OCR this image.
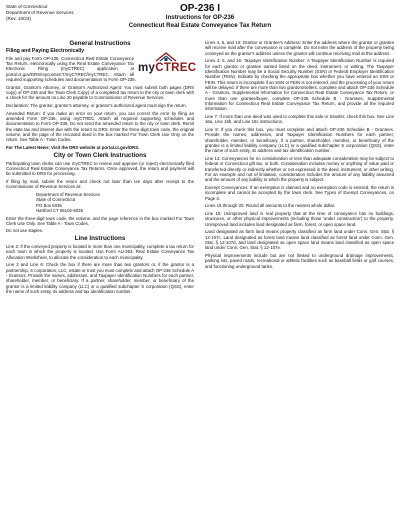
State of Connecticut
Department of Revenue Services
(Rev. 10/23)
OP-236 I
Instructions for OP-236
Connecticut Real Estate Conveyance Tax Return
General Instructions
myCTREC
Filing and Paying Electronically

File and pay Form OP-236, Connecticut Real Estate Conveyance Tax Return, electronically using the Real Estate Conveyance Tax Electronic Filing (myCTREC) application at portal.ct.gov/DRS/myconneCT/myCTREC/myCTREC. Attach all required supporting schedules and documentation to Form OP-236.

Grantor, Grantor's Attorney, or Grantor's Authorized Agent: You must submit both pages (DRS copy) of OP-236 and the Town Clerk Copy) of a completed tax return to the city or town clerk with a check for the amount on Line 20 payable to Commissioner of Revenue Services.

Declaration: The grantor, grantor's attorney, or grantor's authorized agent must sign the return.

Amended Return: If you make an error on your return, you can correct the error by filing an amended Form OP-236, using myCTREC. Attach all required supporting schedules and documentation to Form OP-236. Do not send the amended return to the city or town clerk. Remit the state tax and interest due with the return to DRS. Enter the three-digit town code, the original volume, and the page of the recorded deed in the box marked For Town Clerk Use Only on the return. See Table A - Town Codes.

For The Latest News: Visit the DRS website at portal.ct.gov/DRS.

City or Town Clerk Instructions

Participating town clerks can use myCTREC to review and approve (or reject) electronically filed Connecticut Real Estate Conveyance Tax Returns. Once approved, the return and payment will be submitted to DRS for processing.

If filing by mail, submit the return and check not later than ten days after receipt to the Commissioner of Revenue Services at:

Department of Revenue Services
State of Connecticut
PO Box 5035
Hartford CT 06102-5035

Enter the three-digit town code, the volume, and the page reference in the box marked For Town Clerk Use Only. See Table A - Town Codes.

Do not use staples.

Line Instructions

Line 2: If the conveyed property is located in more than one municipality, complete a tax return for each town in which the property is located. Use Form AU-263, Real Estate Conveyance Tax Allocation Worksheet, to allocate the consideration to each municipality.

Line 3 and Line 6: Check the box if there are more than two grantors or, if the grantor is a partnership, S corporation, LLC, estate or trust you must complete and attach OP-236 Schedule A - Grantors. Provide the names, addresses, and Taxpayer Identification Numbers for each partner, shareholder, member, or beneficiary. If a partner, shareholder, member, or beneficiary of the grantor is a limited liability company (LLC) or a qualified subchapter S corporation (QSS), enter the name of such entity, its address and tax identification number.

Lines 4, 5, and 10: Grantor or Grantee's Address: Enter the address where the grantor or grantee will receive mail after the conveyance is complete. Do not enter the address of the property being conveyed as the grantor's address unless the grantor will continue receiving mail at this address.

Lines 4, 5, and 16: Taxpayer Identification Number: A Taxpayer Identification Number is required for each grantor or grantee named listed on the deed, instrument, or writing. The Taxpayer Identification Number may be a Social Security Number (SSN) or Federal Employer Identification Number (FEIN). Indicate by checking the appropriate box whether you have entered an SSN or FEIN. This return is incomplete if an SSN or FEIN is not entered, and the processing of your return will be delayed. If there are more than two grantors/sellers, complete and attach OP-236 Schedule A - Grantors, Supplemental Information for Connecticut Real Estate Conveyance Tax Return, or more than one grantee/buyer, complete OP-236 Schedule B - Grantees, Supplemental Information for Connecticut Real Estate Conveyance Tax Return, and provide all the required information.

Line 7: If more than one deed was used to complete this sale or transfer, check this box. See Line 16a, Line 16b, and Line 16c instructions.

Line 9: If you check this box, you must complete and attach OP-236 Schedule B - Grantees. Provide the names, addresses, and Taxpayer Identification Numbers for each partner, shareholder, member, or beneficiary. If a partner, shareholder, member, or beneficiary of the grantee is a limited liability company (LLC) or a qualified subchapter S corporation (QSS), enter the name of such entity, its address and tax identification number.

Line 14: Conveyances for no consideration or less than adequate consideration may be subject to federal or Connecticut gift tax, or both. Consideration includes money or anything of value paid or transferred directly or indirectly whether or not expressed in the deed, instrument, or other writing. For an example and not of limitation, consideration includes the amount of any liability assumed and the amount of any liability to which the property is subject.

Exempt Conveyances: If an exemption is claimed and no exemption code is entered, the return is incomplete and cannot be accepted by the town clerk. See Types of Exempt Conveyances, on Page 3.

Lines 15 through 20: Round all amounts to the nearest whole dollar.

Line 15: Unimproved land is real property that at the time of conveyance has no buildings, structures, or other physical improvements (including those 'under construction') to the property. Unimproved land includes land designated as farm, forest, or open space land.

Land designated as farm land means property classified as farm land under Conn. Gen. Stat. § 12-107c. Land designated as forest land means land classified as forest land under Conn. Gen. Stat. § 12-107d, and land designated as open space land means land classified as open space land under Conn. Gen. Stat. § 12-107e.

Physical improvements include but are not limited to underground drainage improvements, parking lots, paved roads, recreational or athletic facilities such as baseball fields or golf courses, and functioning underground tanks.
